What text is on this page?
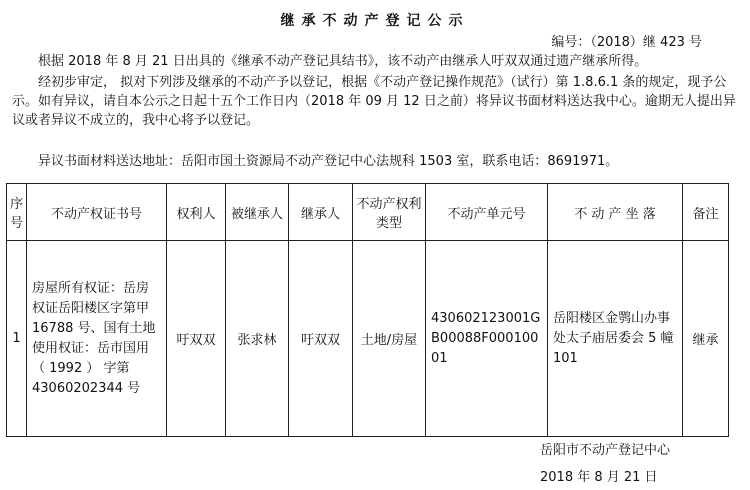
继承不动产登记公示
编号：（2018）继 423 号

根据 2018 年 8 月 21 日出具的《继承不动产登记具结书》，该不动产由继承人吁双双通过遗产继承所得。

经初步审定， 拟对下列涉及继承的不动产予以登记，根据《不动产登记操作规范》（试行）第 1.8.6.1 条的规定，现予公示。如有异议，请自本公示之日起十五个工作日内（2018 年 09 月 12 日之前）将异议书面材料送达我中心。逾期无人提出异议或者异议不成立的，我中心将予以登记。

异议书面材料送达地址：岳阳市国土资源局不动产登记中心法规科 1503 室，联系电话：8691971。

序号	不动产权证书号	权利人	被继承人	继承人	不动产权利类型	不动产单元号	不 动 产 坐 落	备注
1	房屋所有权证：岳房权证岳阳楼区字第甲 16788 号、国有土地使用权证：岳市国用 （ 1992 ） 字第 43060202344 号	吁双双	张求林	吁双双	土地/房屋	430602123001GB00088F00010001	岳阳楼区金鹗山办事处太子庙居委会 5 幢 101	继承
岳阳市不动产登记中心
2018 年 8 月 21 日
